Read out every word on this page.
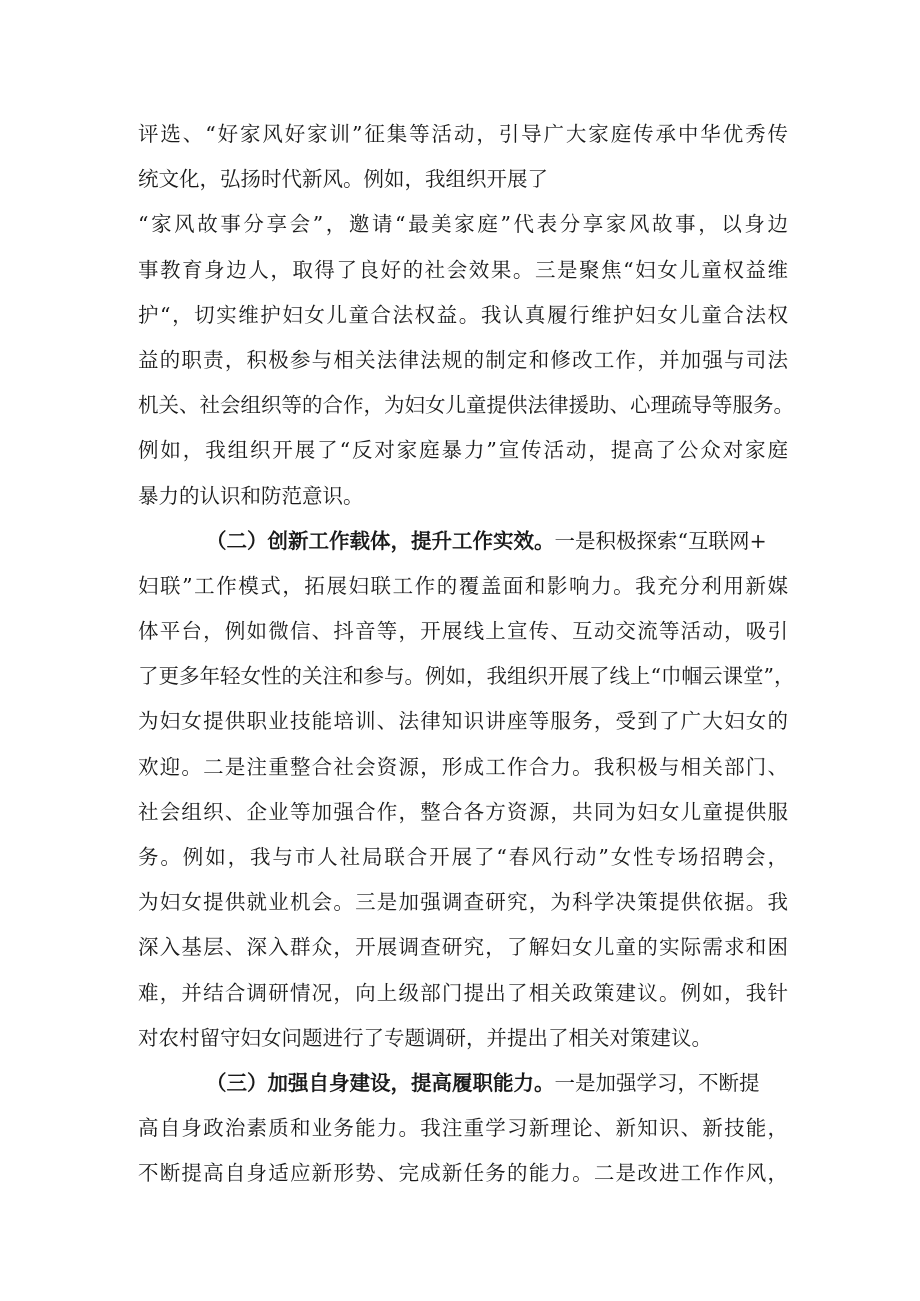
评选、“好家风好家训”征集等活动，引导广大家庭传承中华优秀传
统文化，弘扬时代新风。例如，我组织开展了
“家风故事分享会”，邀请“最美家庭”代表分享家风故事，以身边
事教育身边人，取得了良好的社会效果。三是聚焦“妇女儿童权益维
护“，切实维护妇女儿童合法权益。我认真履行维护妇女儿童合法权
益的职责，积极参与相关法律法规的制定和修改工作，并加强与司法
机关、社会组织等的合作，为妇女儿童提供法律援助、心理疏导等服务。
例如，我组织开展了“反对家庭暴力”宣传活动，提高了公众对家庭
暴力的认识和防范意识。
（二）创新工作载体，提升工作实效。 一是积极探索“互联网+
妇联”工作模式，拓展妇联工作的覆盖面和影响力。我充分利用新媒
体平台，例如微信、抖音等，开展线上宣传、互动交流等活动，吸引
了更多年轻女性的关注和参与。例如，我组织开展了线上“巾帼云课堂”，
为妇女提供职业技能培训、法律知识讲座等服务，受到了广大妇女的
欢迎。二是注重整合社会资源，形成工作合力。我积极与相关部门、
社会组织、企业等加强合作，整合各方资源，共同为妇女儿童提供服
务。例如，我与市人社局联合开展了“春风行动”女性专场招聘会，
为妇女提供就业机会。三是加强调查研究，为科学决策提供依据。我
深入基层、深入群众，开展调查研究，了解妇女儿童的实际需求和困
难，并结合调研情况，向上级部门提出了相关政策建议。例如，我针
对农村留守妇女问题进行了专题调研，并提出了相关对策建议。
（三）加强自身建设，提高履职能力。 一是加强学习，不断提
高自身政治素质和业务能力。我注重学习新理论、新知识、新技能，
不断提高自身适应新形势、完成新任务的能力。二是改进工作作风，
